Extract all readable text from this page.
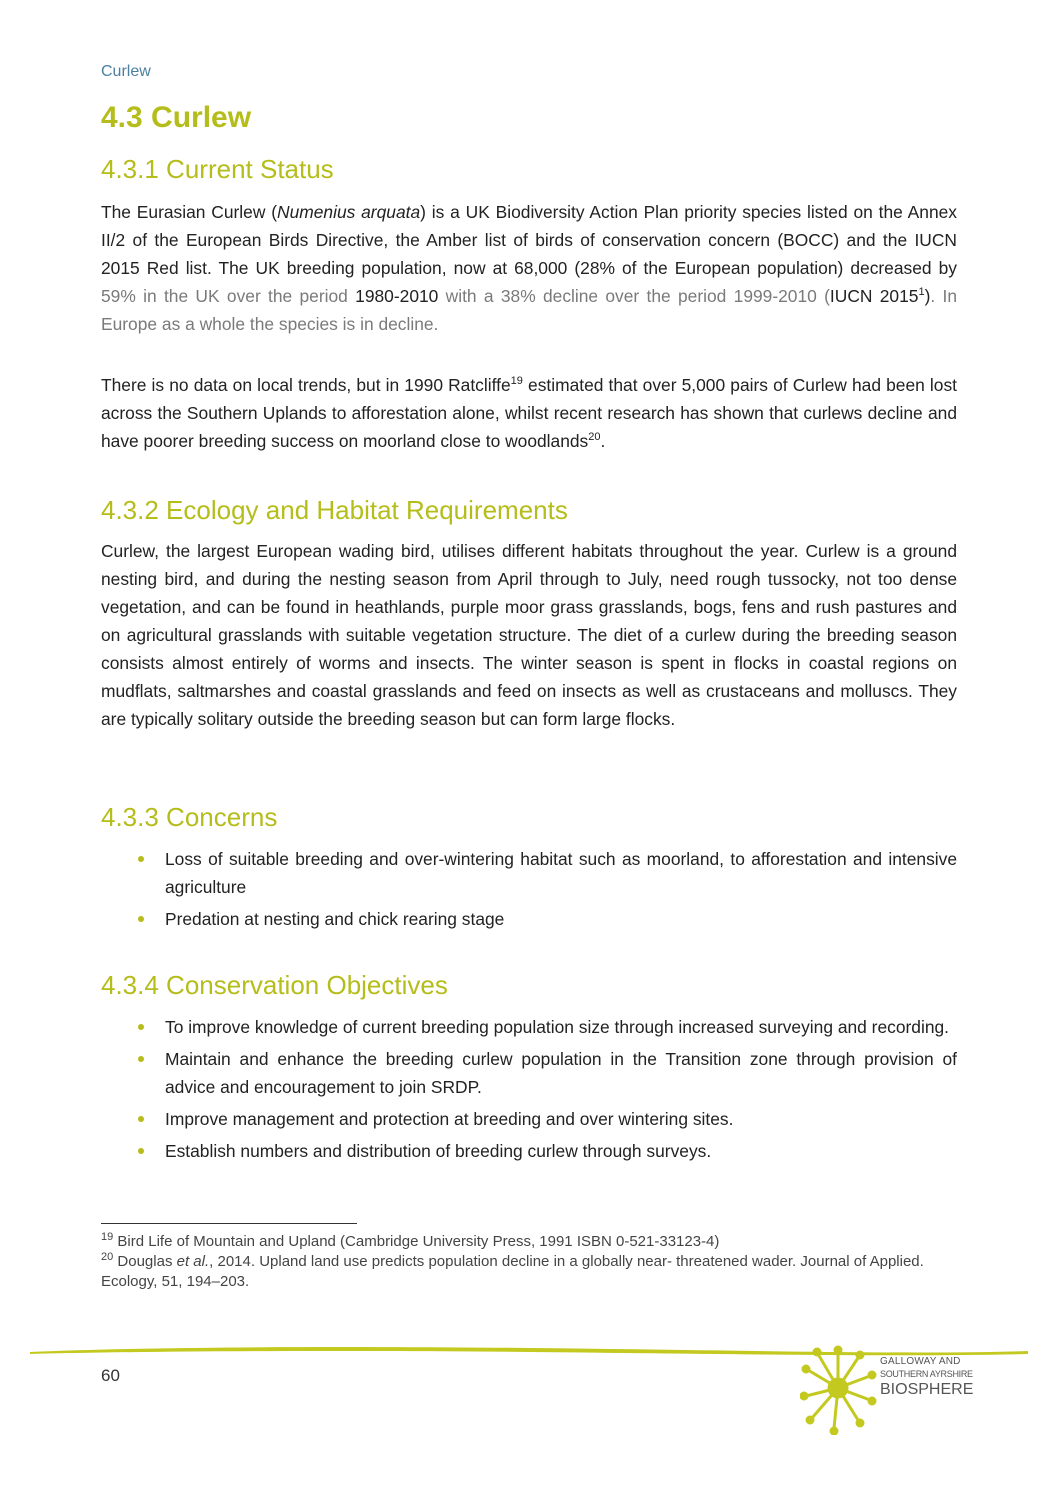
Curlew
4.3 Curlew
4.3.1 Current Status

The Eurasian Curlew (Numenius arquata) is a UK Biodiversity Action Plan priority species listed on the Annex II/2 of the European Birds Directive, the Amber list of birds of conservation concern (BOCC) and the IUCN 2015 Red list. The UK breeding population, now at 68,000 (28% of the European population) decreased by 59% in the UK over the period 1980-2010 with a 38% decline over the period 1999-2010 (IUCN 2015$^1$). In Europe as a whole the species is in decline.

There is no data on local trends, but in 1990 Ratcliffe$^{19}$ estimated that over 5,000 pairs of Curlew had been lost across the Southern Uplands to afforestation alone, whilst recent research has shown that curlews decline and have poorer breeding success on moorland close to woodlands$^{20}$.

4.3.2 Ecology and Habitat Requirements

Curlew, the largest European wading bird, utilises different habitats throughout the year. Curlew is a ground nesting bird, and during the nesting season from April through to July, need rough tussocky, not too dense vegetation, and can be found in heathlands, purple moor grass grasslands, bogs, fens and rush pastures and on agricultural grasslands with suitable vegetation structure. The diet of a curlew during the breeding season consists almost entirely of worms and insects. The winter season is spent in flocks in coastal regions on mudflats, saltmarshes and coastal grasslands and feed on insects as well as crustaceans and molluscs. They are typically solitary outside the breeding season but can form large flocks.

4.3.3 Concerns
Loss of suitable breeding and over-wintering habitat such as moorland, to afforestation and intensive agriculture
Predation at nesting and chick rearing stage
4.3.4 Conservation Objectives
To improve knowledge of current breeding population size through increased surveying and recording.
Maintain and enhance the breeding curlew population in the Transition zone through provision of advice and encouragement to join SRDP.
Improve management and protection at breeding and over wintering sites.
Establish numbers and distribution of breeding curlew through surveys.

$^{19}$ Bird Life of Mountain and Upland (Cambridge University Press, 1991 ISBN 0-521-33123-4)

$^{20}$ Douglas et al., 2014. Upland land use predicts population decline in a globally near- threatened wader. Journal of Applied. Ecology, 51, 194–203.

60
GALLOWAY AND
SOUTHERN AYRSHIRE
BIOSPHERE
